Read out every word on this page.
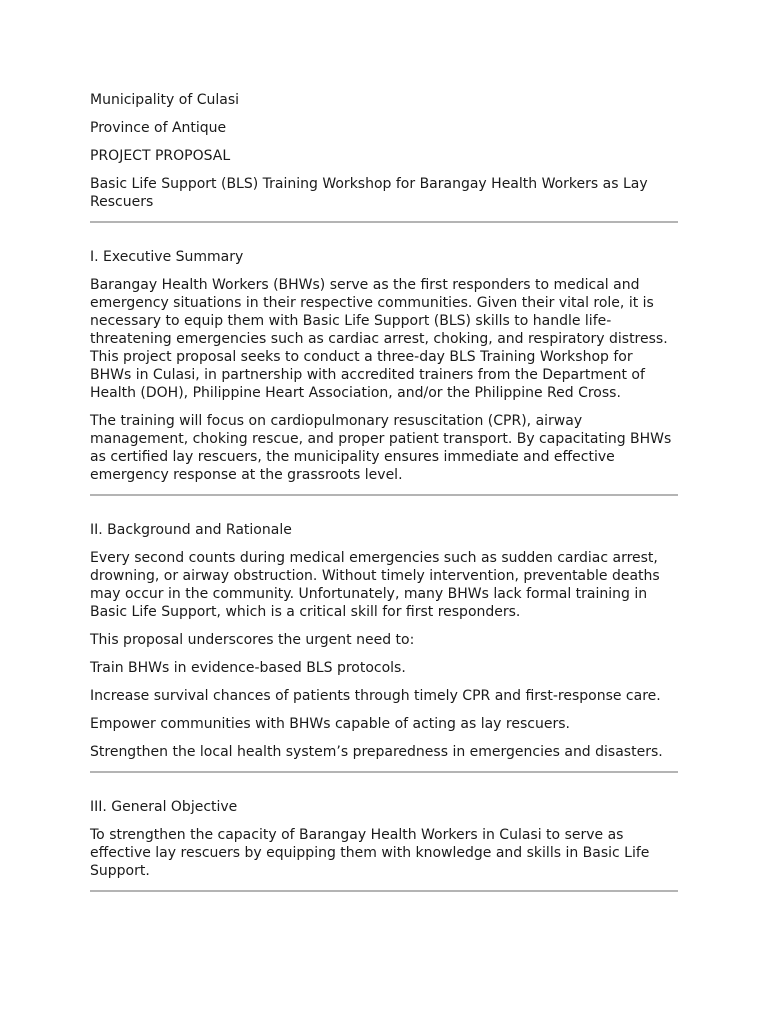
Municipality of Culasi

Province of Antique

PROJECT PROPOSAL

Basic Life Support (BLS) Training Workshop for Barangay Health Workers as Lay Rescuers

I. Executive Summary

Barangay Health Workers (BHWs) serve as the first responders to medical and emergency situations in their respective communities. Given their vital role, it is necessary to equip them with Basic Life Support (BLS) skills to handle life-threatening emergencies such as cardiac arrest, choking, and respiratory distress. This project proposal seeks to conduct a three-day BLS Training Workshop for BHWs in Culasi, in partnership with accredited trainers from the Department of Health (DOH), Philippine Heart Association, and/or the Philippine Red Cross.

The training will focus on cardiopulmonary resuscitation (CPR), airway management, choking rescue, and proper patient transport. By capacitating BHWs as certified lay rescuers, the municipality ensures immediate and effective emergency response at the grassroots level.

II. Background and Rationale

Every second counts during medical emergencies such as sudden cardiac arrest, drowning, or airway obstruction. Without timely intervention, preventable deaths may occur in the community. Unfortunately, many BHWs lack formal training in Basic Life Support, which is a critical skill for first responders.

This proposal underscores the urgent need to:

Train BHWs in evidence-based BLS protocols.

Increase survival chances of patients through timely CPR and first-response care.

Empower communities with BHWs capable of acting as lay rescuers.

Strengthen the local health system’s preparedness in emergencies and disasters.

III. General Objective

To strengthen the capacity of Barangay Health Workers in Culasi to serve as effective lay rescuers by equipping them with knowledge and skills in Basic Life Support.
